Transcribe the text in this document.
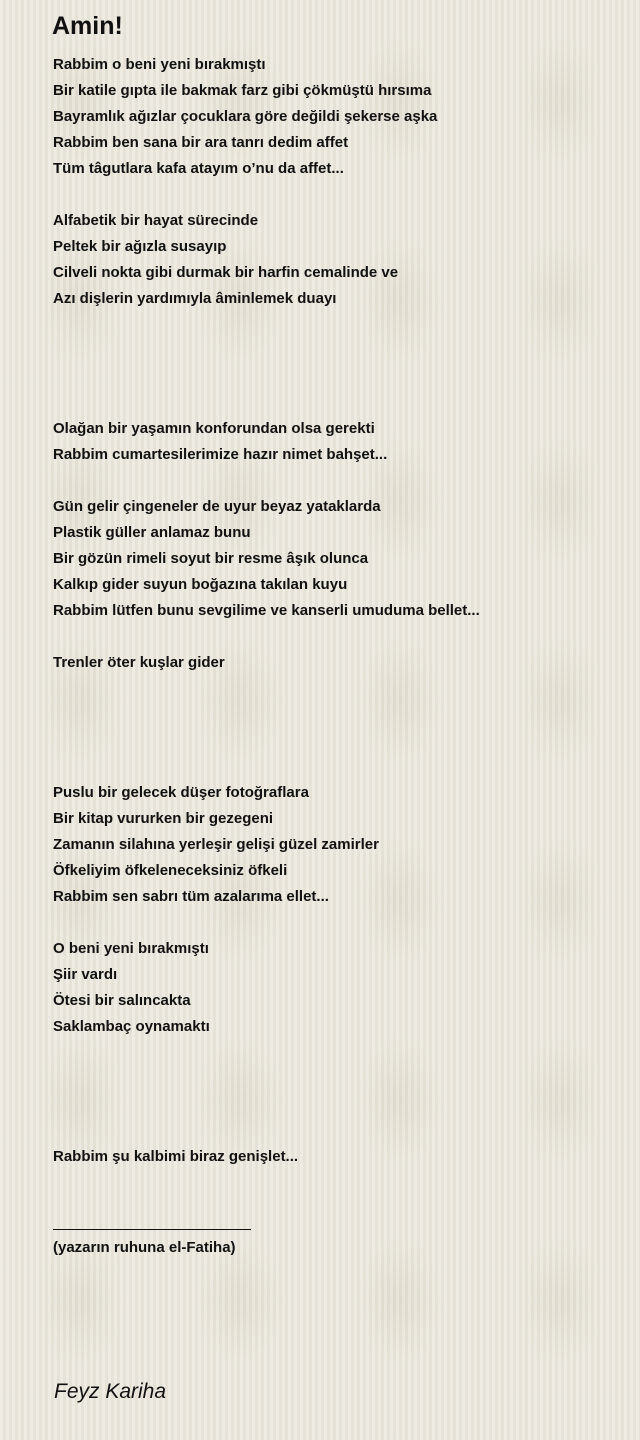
Amin!
Rabbim o beni yeni bırakmıştı
Bir katile gıpta ile bakmak farz gibi çökmüştü hırsıma
Bayramlık ağızlar çocuklara göre değildi şekerse aşka
Rabbim ben sana bir ara tanrı dedim affet
Tüm tâgutlara kafa atayım o’nu da affet...
Alfabetik bir hayat sürecinde
Peltek bir ağızla susayıp
Cilveli nokta gibi durmak bir harfin cemalinde ve
Azı dişlerin yardımıyla âminlemek duayı
Olağan bir yaşamın konforundan olsa gerekti
Rabbim cumartesilerimize hazır nimet bahşet...
Gün gelir çingeneler de uyur beyaz yataklarda
Plastik güller anlamaz bunu
Bir gözün rimeli soyut bir resme âşık olunca
Kalkıp gider suyun boğazına takılan kuyu
Rabbim lütfen bunu sevgilime ve kanserli umuduma bellet...
Trenler öter kuşlar gider
Puslu bir gelecek düşer fotoğraflara
Bir kitap vururken bir gezegeni
Zamanın silahına yerleşir gelişi güzel zamirler
Öfkeliyim öfkeleneceksiniz öfkeli
Rabbim sen sabrı tüm azalarıma ellet...
O beni yeni bırakmıştı
Şiir vardı
Ötesi bir salıncakta
Saklambaç oynamaktı
Rabbim şu kalbimi biraz genişlet...
(yazarın ruhuna el-Fatiha)
Feyz Kariha
